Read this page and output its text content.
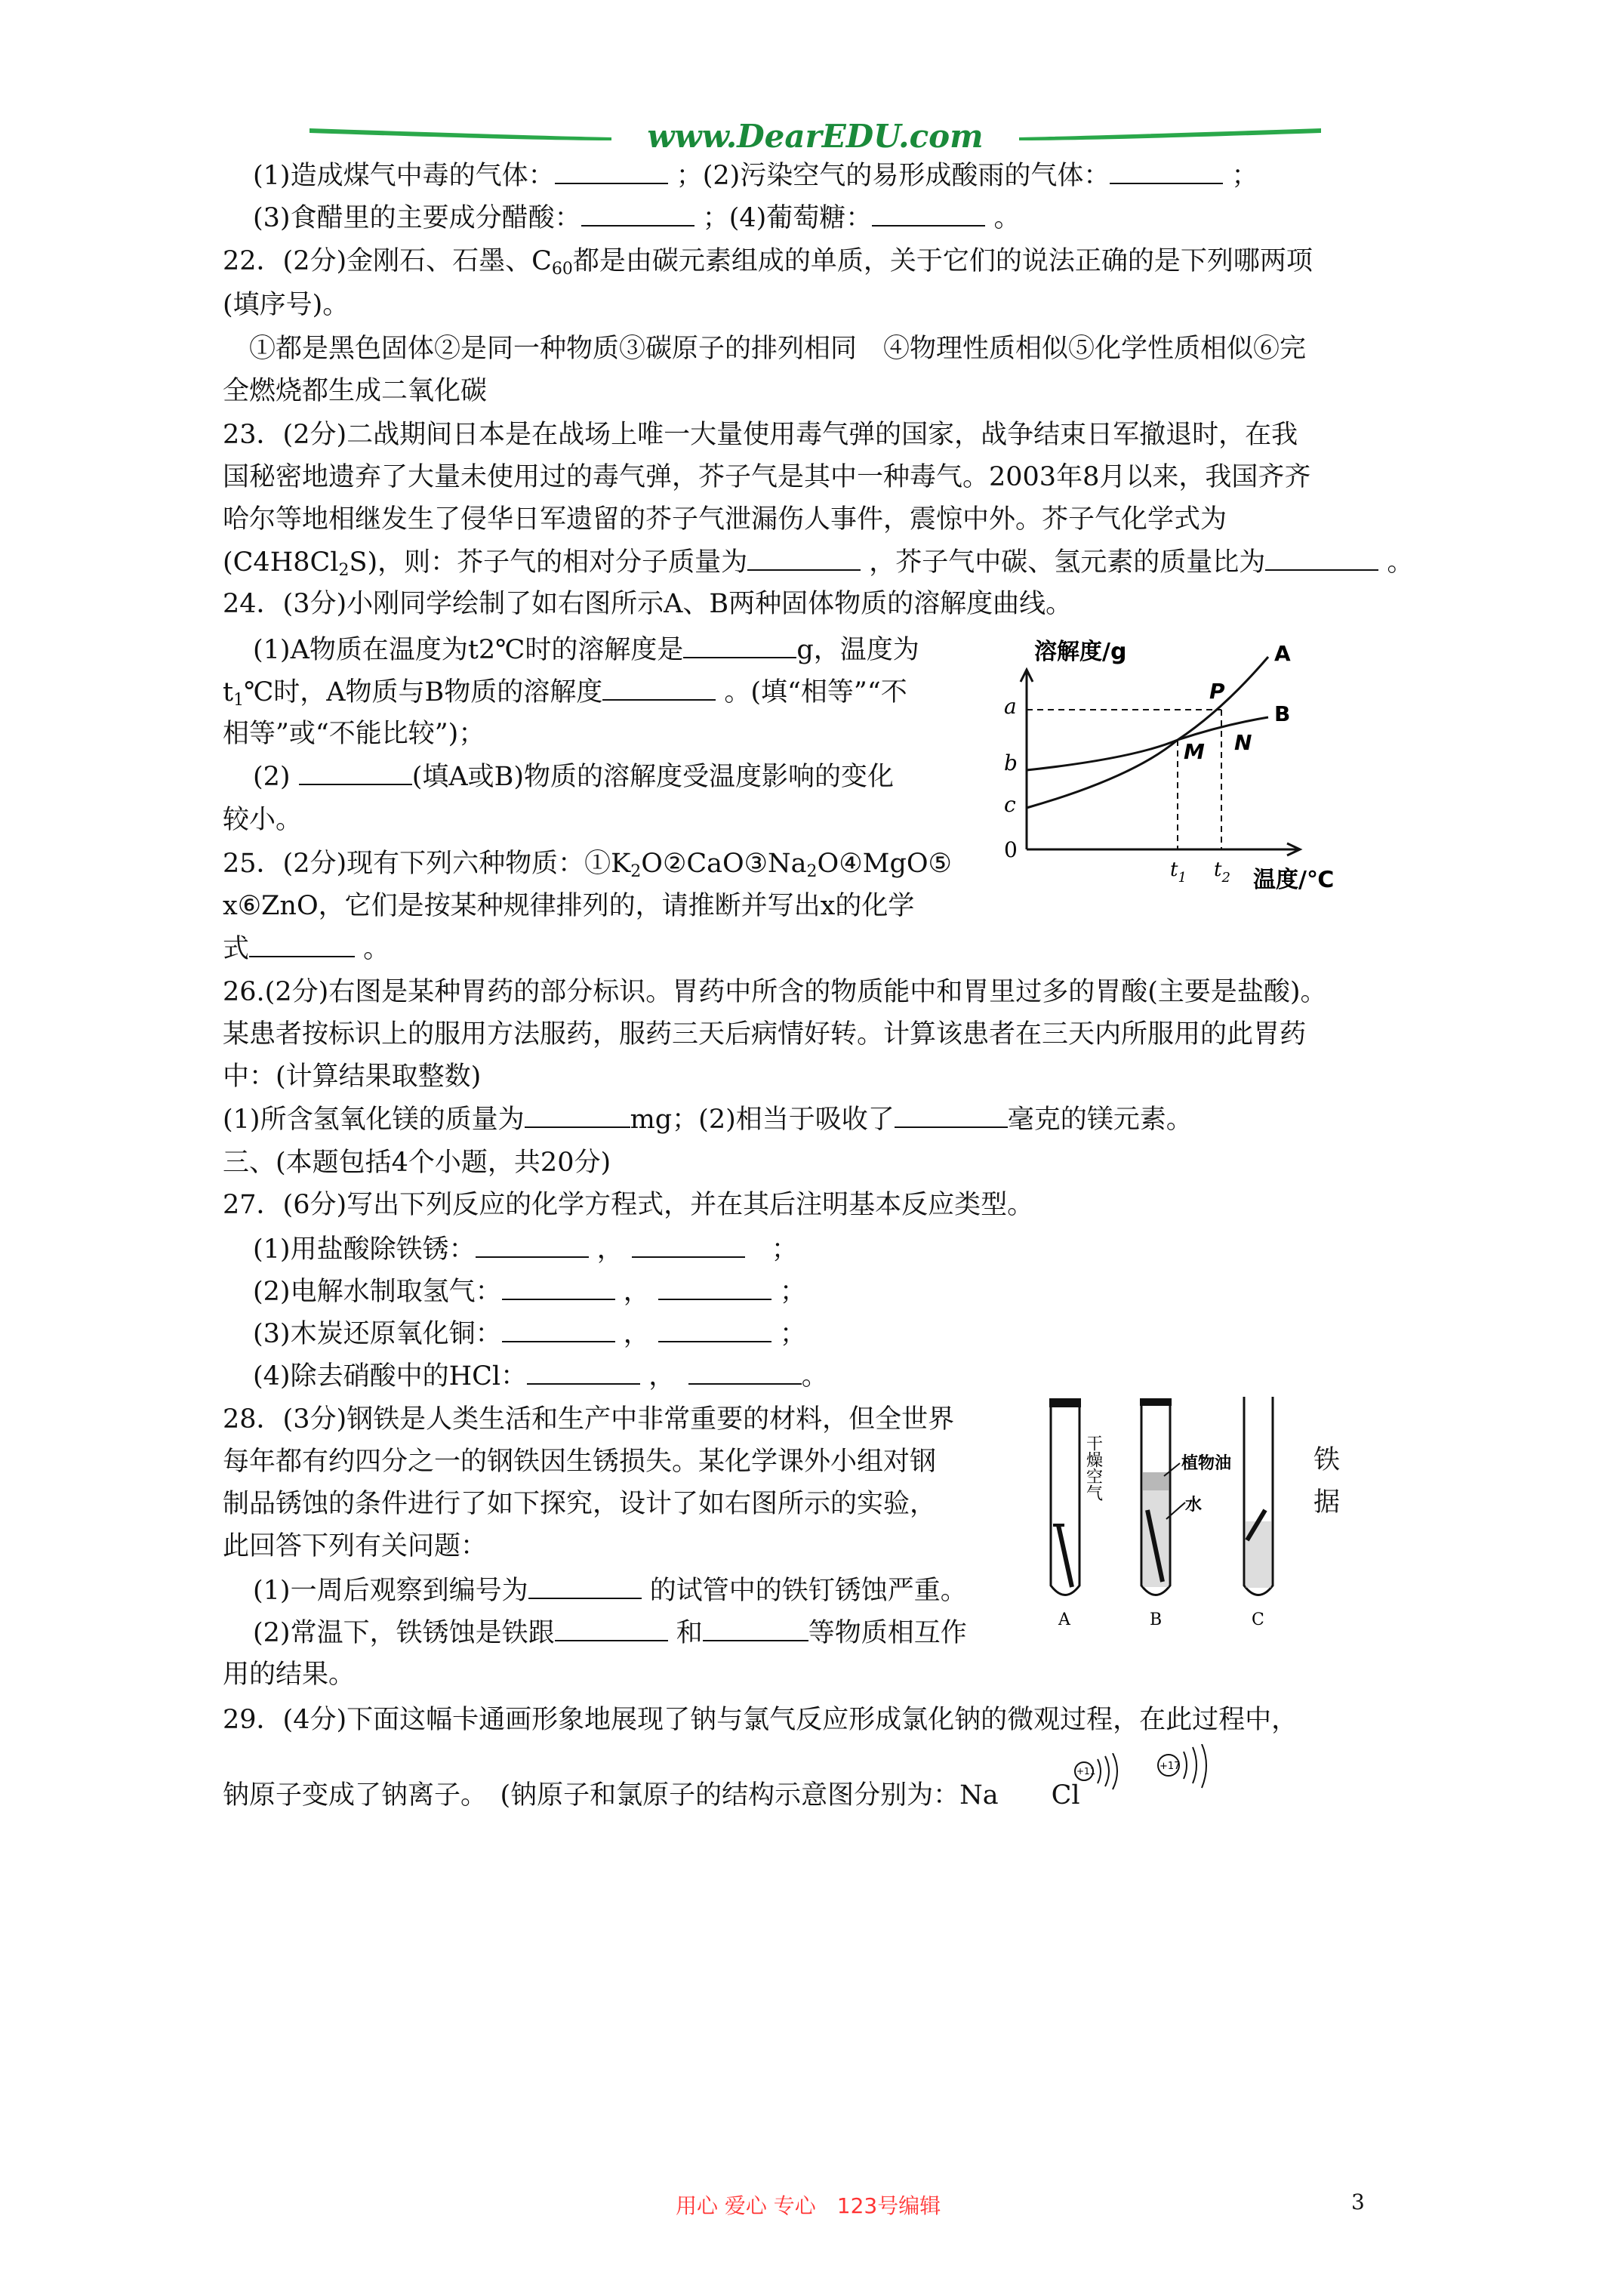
www.DearEDU.com
(1)造成煤气中毒的气体：	；(2)污染空气的易形成酸雨的气体：	；
(3)食醋里的主要成分醋酸：	；(4)葡萄糖：	。
22．(2分)金刚石、石墨、$C_{60}$都是由碳元素组成的单质，关于它们的说法正确的是下列哪两项
(填序号)。
①都是黑色固体②是同一种物质③碳原子的排列相同　④物理性质相似⑤化学性质相似⑥完
全燃烧都生成二氧化碳
23．(2分)二战期间日本是在战场上唯一大量使用毒气弹的国家，战争结束日军撤退时，在我
国秘密地遗弃了大量未使用过的毒气弹，芥子气是其中一种毒气。2003年8月以来，我国齐齐
哈尔等地相继发生了侵华日军遗留的芥子气泄漏伤人事件，震惊中外。芥子气化学式为
$(C4H8Cl_2S)$，则：芥子气的相对分子质量为	，芥子气中碳、氢元素的质量比为	。
24．(3分)小刚同学绘制了如右图所示A、B两种固体物质的溶解度曲线。
(1)A物质在温度为t2℃时的溶解度是	g，温度为
$t_1℃$时，A物质与B物质的溶解度	。(填“相等”“不
相等”或“不能比较”)；
(2)	(填A或B)物质的溶解度受温度影响的变化
较小。
25．(2分)现有下列六种物质：$①K_2O②CaO③Na_2O④MgO⑤$
x⑥ZnO，它们是按某种规律排列的，请推断并写出x的化学
式	。
溶解度/g
a
b
c
0
A
B
P
M N
$t_1$ $t_2$ 温度/℃
26.(2分)右图是某种胃药的部分标识。胃药中所含的物质能中和胃里过多的胃酸(主要是盐酸)。
某患者按标识上的服用方法服药，服药三天后病情好转。计算该患者在三天内所服用的此胃药
中：(计算结果取整数)
(1)所含氢氧化镁的质量为	mg；(2)相当于吸收了	毫克的镁元素。
三、(本题包括4个小题，共20分)
27．(6分)写出下列反应的化学方程式，并在其后注明基本反应类型。
(1)用盐酸除铁锈：	， 　	；
(2)电解水制取氢气：	，	；
(3)木炭还原氧化铜：	，	；
(4)除去硝酸中的HCl：	，　	。
28．(3分)钢铁是人类生活和生产中非常重要的材料，但全世界
每年都有约四分之一的钢铁因生锈损失。某化学课外小组对钢
制品锈蚀的条件进行了如下探究，设计了如右图所示的实验，
此回答下列有关问题：
(1)一周后观察到编号为	的试管中的铁钉锈蚀严重。
(2)常温下，铁锈蚀是铁跟	和	等物质相互作
用的结果。
铁
据
干燥空气	植物油
水
A	B	C
29．(4分)下面这幅卡通画形象地展现了钠与氯气反应形成氯化钠的微观过程，在此过程中，
钠原子变成了钠离子。　(钠原子和氯原子的结构示意图分别为：Na Cl
+11	+17
用心 爱心 专心　123号编辑	3
